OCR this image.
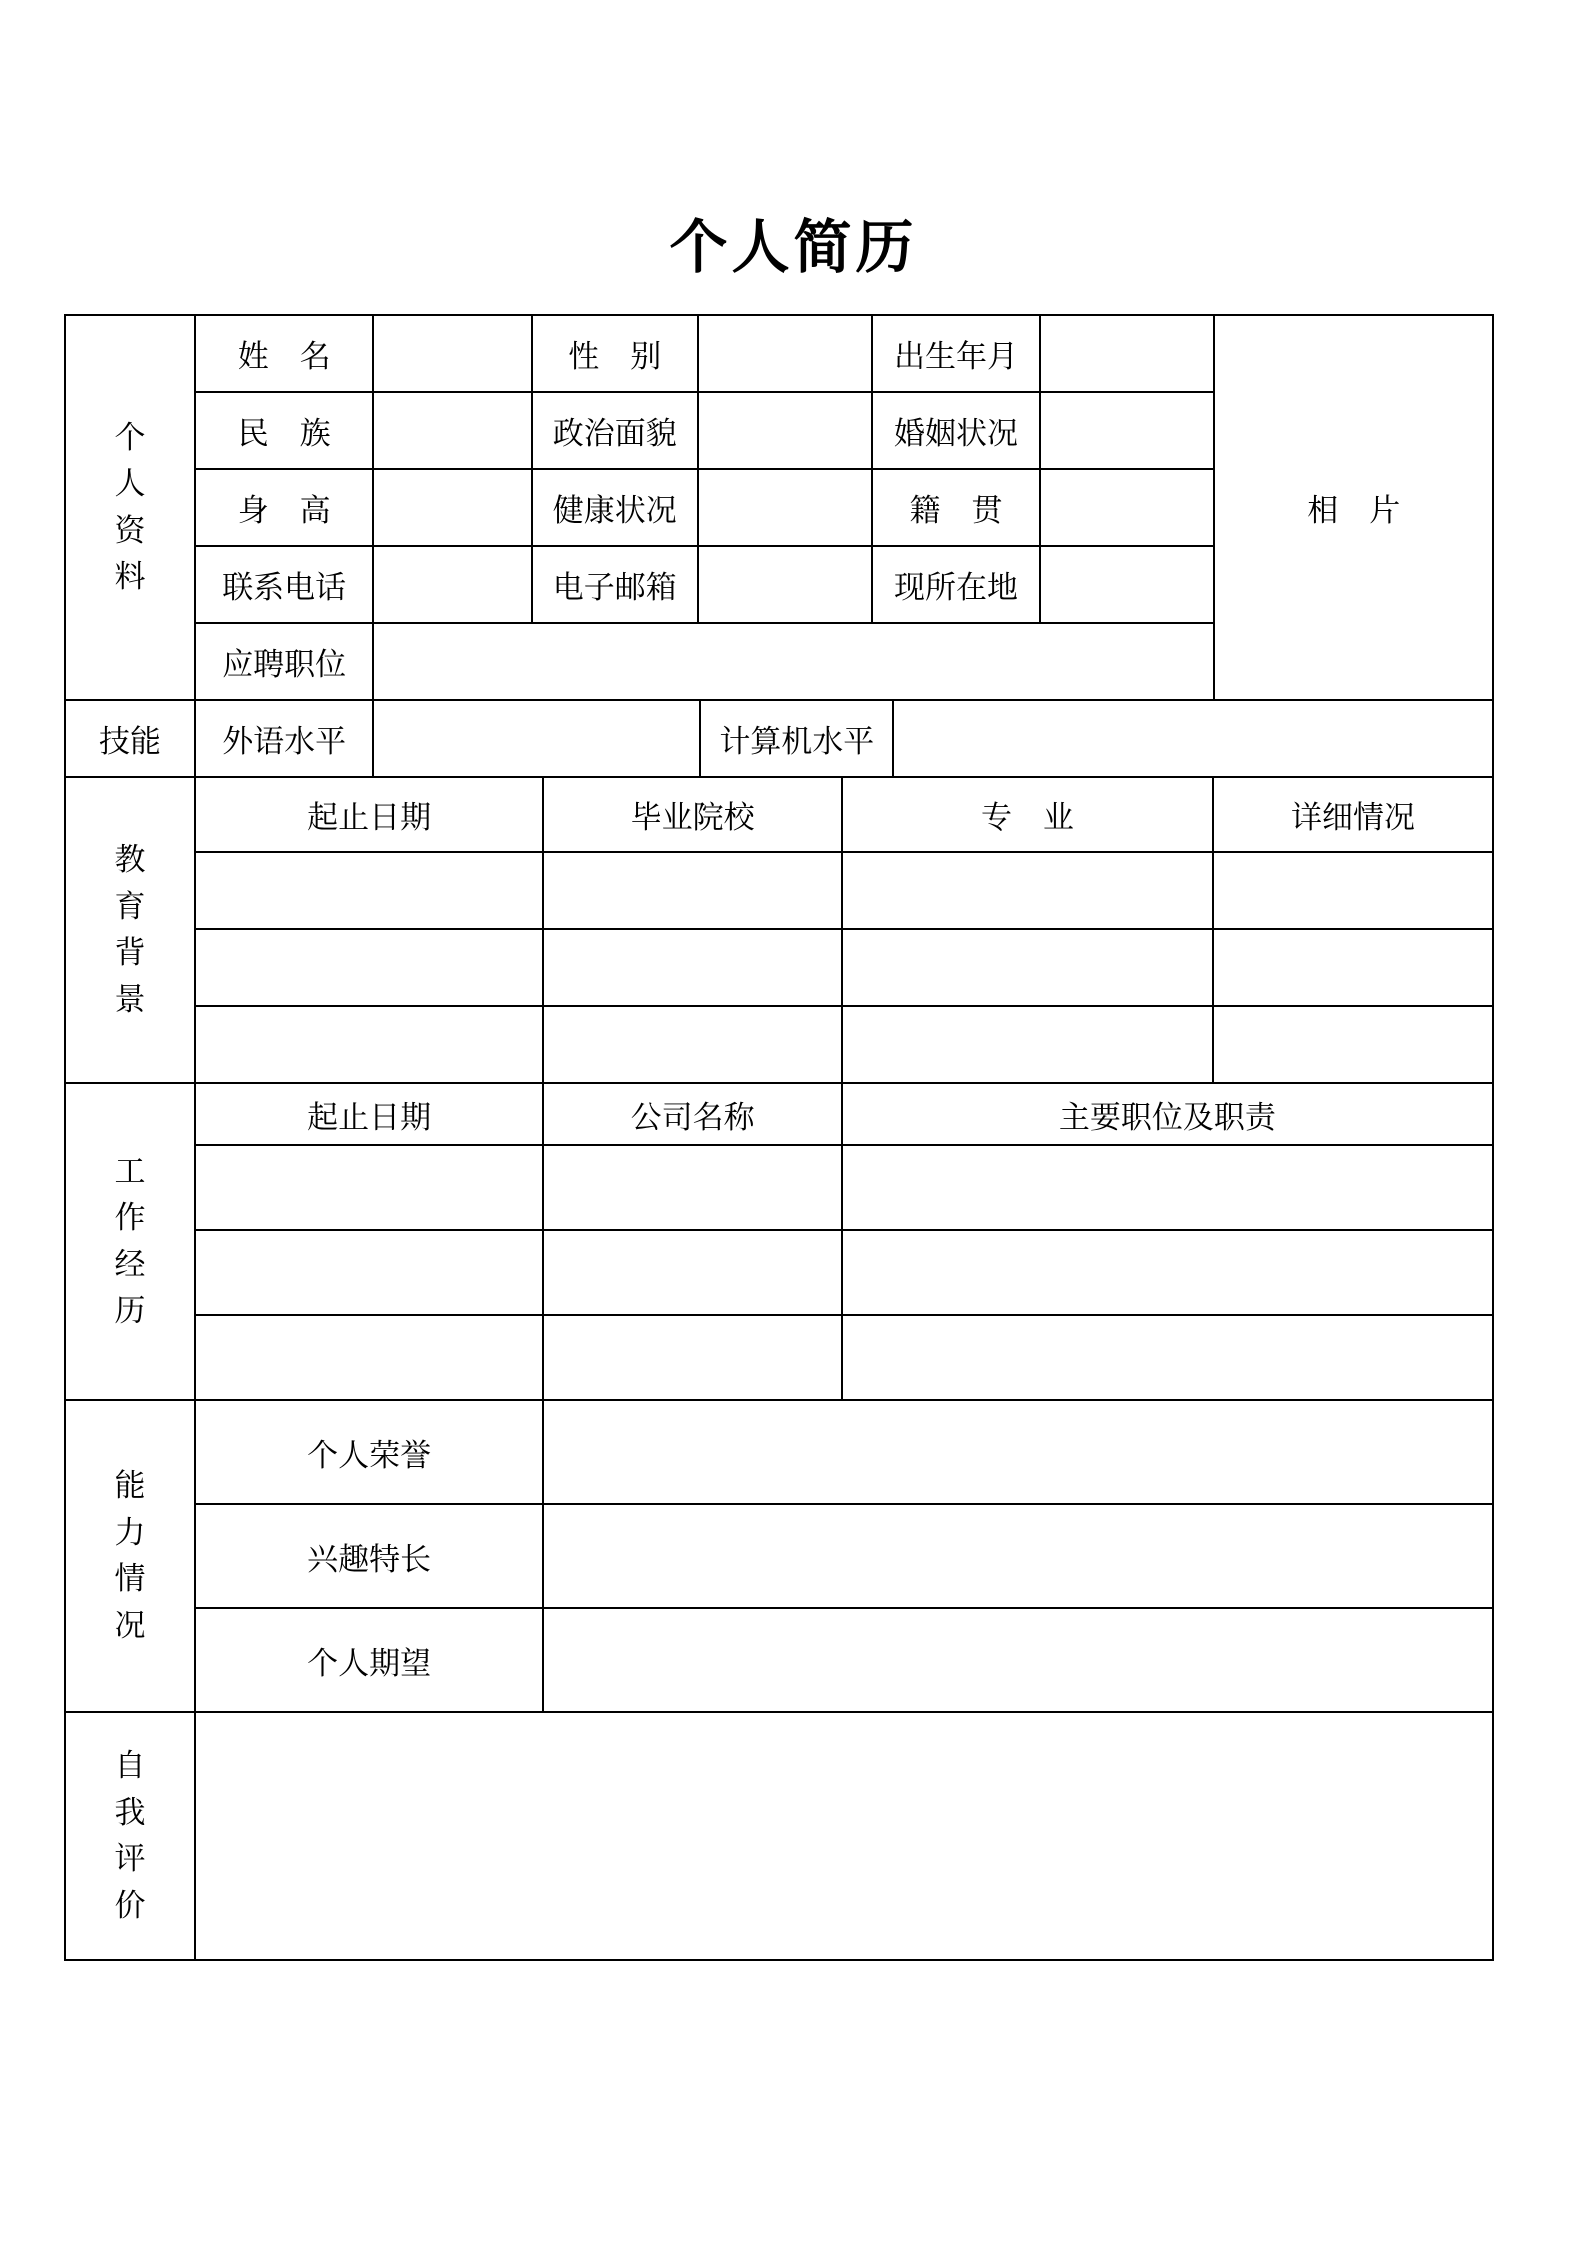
个人简历
个人资料	姓名		性别		出生年月		相片
	民族		政治面貌		婚姻状况		
	身高		健康状况		籍贯		
	联系电话		电子邮箱		现所在地		
	应聘职位						
技能	外语水平		计算机水平	
教育背景	起止日期	毕业院校	专业	详细情况

工作经历	起止日期	公司名称	主要职位及职责

能力情况	个人荣誉	
	兴趣特长	
	个人期望	
自我评价	
